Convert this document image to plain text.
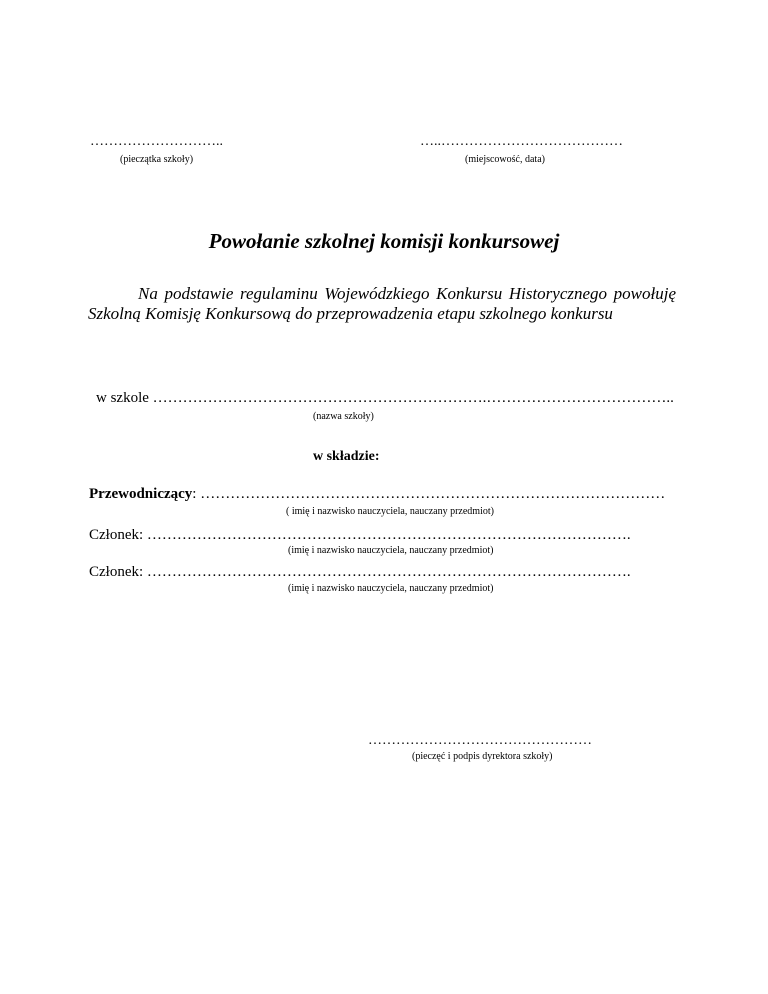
………………………..
(pieczątka szkoły)
…..…………………………………
(miejscowość, data)
Powołanie szkolnej komisji konkursowej
Na podstawie regulaminu Wojewódzkiego Konkursu Historycznego powołuję Szkolną Komisję Konkursową do przeprowadzenia etapu szkolnego konkursu
w szkole ………………………………………………………….………………………………..
(nazwa szkoły)
w składzie:
Przewodniczący: …………………………………………………………………………………
( imię i nazwisko nauczyciela, nauczany przedmiot)
Członek: …………………………………………………………………………………….
(imię i nazwisko nauczyciela, nauczany przedmiot)
Członek: …………………………………………………………………………………….
(imię i nazwisko nauczyciela, nauczany przedmiot)
…………………………………………
(pieczęć i podpis dyrektora szkoły)
